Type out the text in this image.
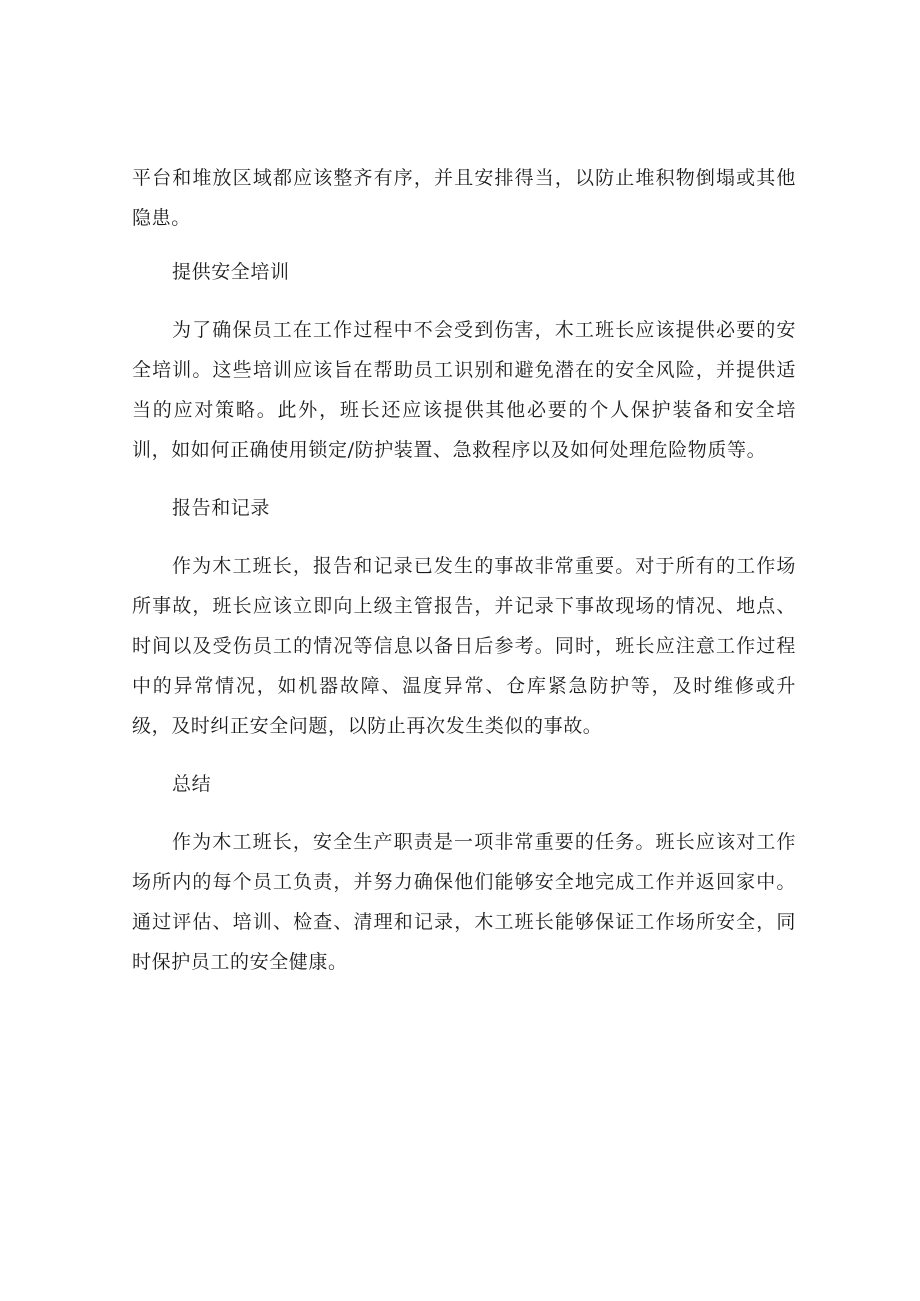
平台和堆放区域都应该整齐有序，并且安排得当，以防止堆积物倒塌或其他隐患。

提供安全培训

为了确保员工在工作过程中不会受到伤害，木工班长应该提供必要的安全培训。这些培训应该旨在帮助员工识别和避免潜在的安全风险，并提供适当的应对策略。此外，班长还应该提供其他必要的个人保护装备和安全培训，如如何正确使用锁定/防护装置、急救程序以及如何处理危险物质等。

报告和记录

作为木工班长，报告和记录已发生的事故非常重要。对于所有的工作场所事故，班长应该立即向上级主管报告，并记录下事故现场的情况、地点、时间以及受伤员工的情况等信息以备日后参考。同时，班长应注意工作过程中的异常情况，如机器故障、温度异常、仓库紧急防护等，及时维修或升级，及时纠正安全问题，以防止再次发生类似的事故。

总结

作为木工班长，安全生产职责是一项非常重要的任务。班长应该对工作场所内的每个员工负责，并努力确保他们能够安全地完成工作并返回家中。通过评估、培训、检查、清理和记录，木工班长能够保证工作场所安全，同时保护员工的安全健康。
